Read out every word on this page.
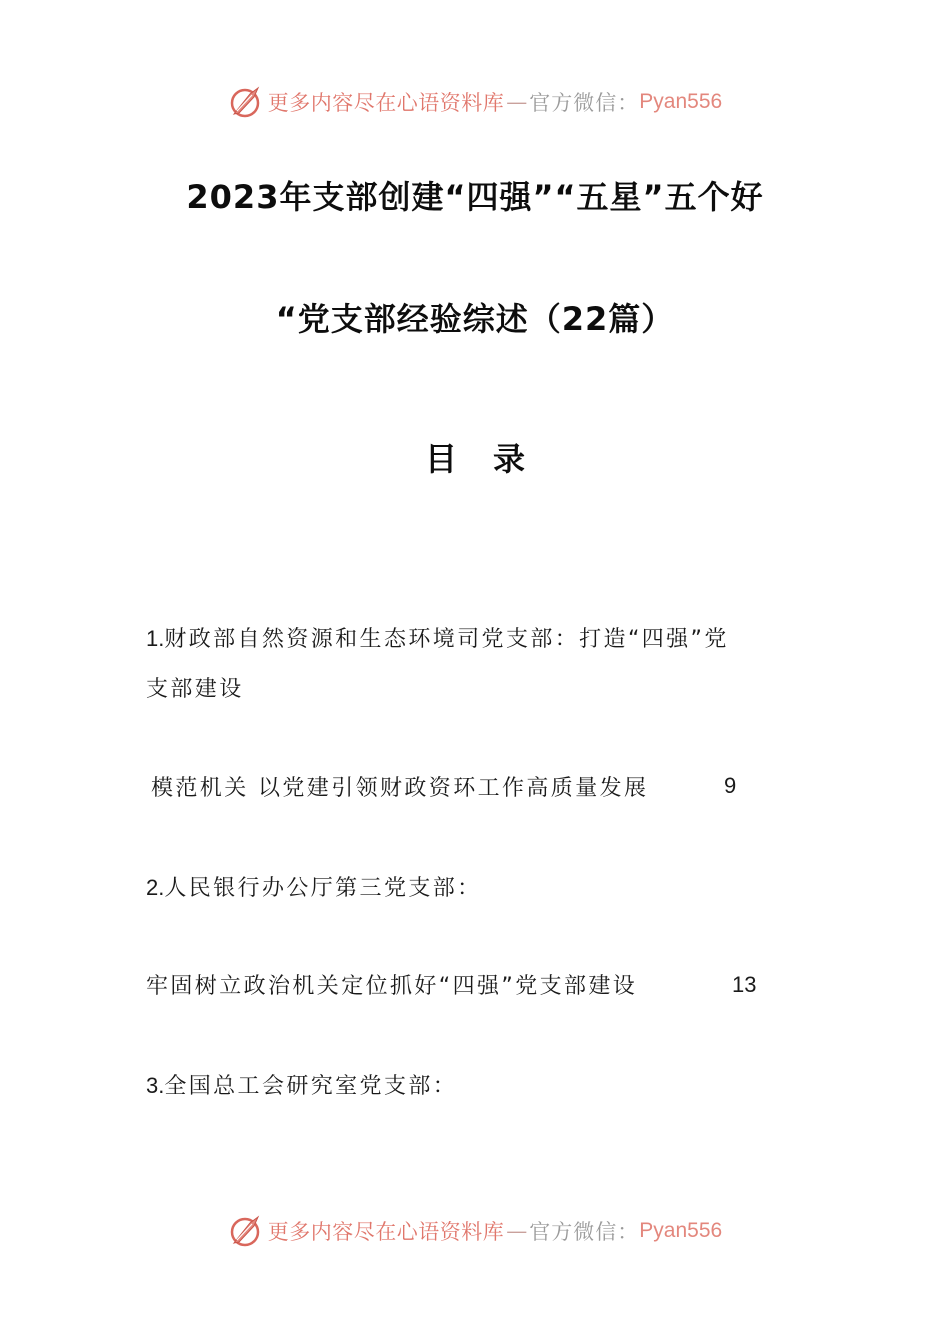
更多内容尽在心语资料库 — 官方微信： Pyan556
2023年支部创建“四强”“五星”五个好
“党支部经验综述（22篇）
目录
1.财政部自然资源和生态环境司党支部：打造“四强”党
支部建设
模范机关 以党建引领财政资环工作高质量发展	9
2.人民银行办公厅第三党支部：
牢固树立政治机关定位抓好“四强”党支部建设	13
3.全国总工会研究室党支部：
更多内容尽在心语资料库 — 官方微信： Pyan556
